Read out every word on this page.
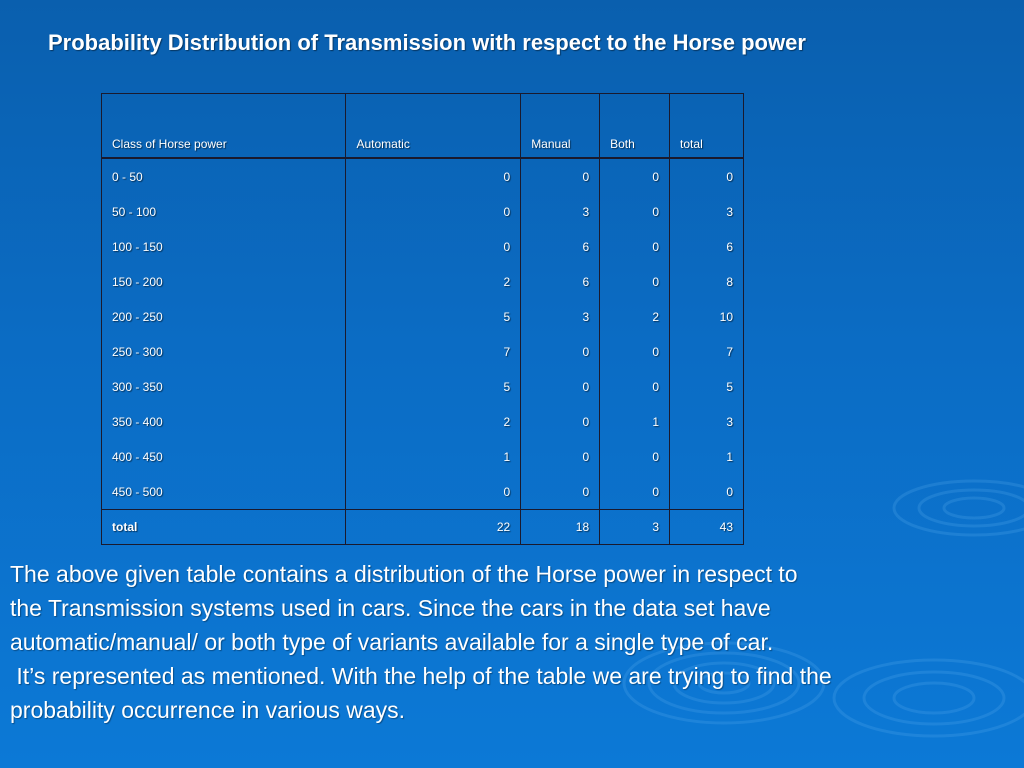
Probability Distribution of Transmission with respect to the Horse power
Class of Horse power	Automatic	Manual	Both	total
0 - 50	0	0	0	0
50 - 100	0	3	0	3
100 - 150	0	6	0	6
150 - 200	2	6	0	8
200 - 250	5	3	2	10
250 - 300	7	0	0	7
300 - 350	5	0	0	5
350 - 400	2	0	1	3
400 - 450	1	0	0	1
450 - 500	0	0	0	0
total	22	18	3	43

The above given table contains a distribution of the Horse power in respect to

the Transmission systems used in cars. Since the cars in the data set have

automatic/manual/ or both type of variants available for a single type of car.

It’s represented as mentioned. With the help of the table we are trying to find the

probability occurrence in various ways.
